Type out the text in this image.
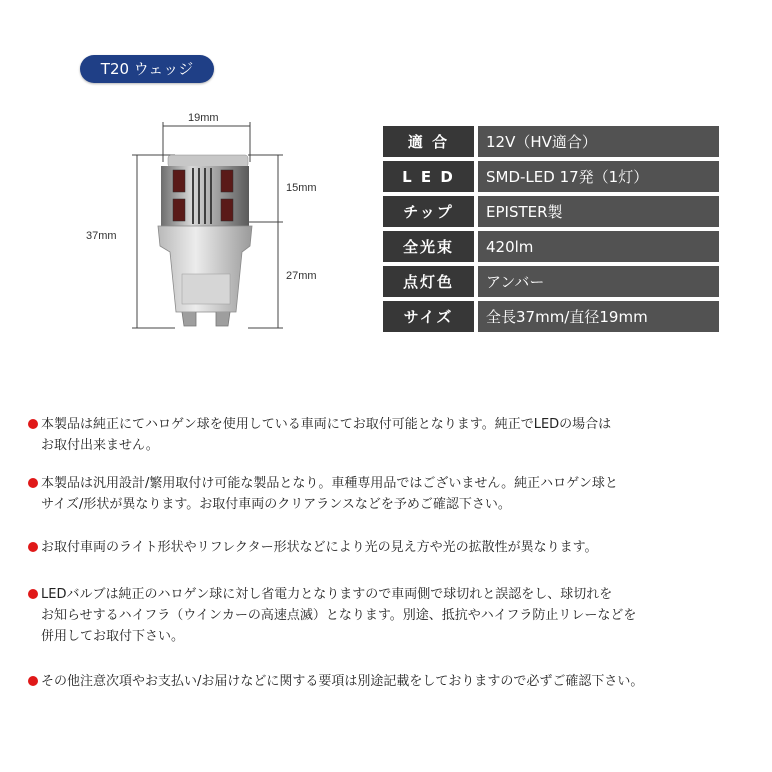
T20 ウェッジ
19mm
15mm
37mm
27mm
適 合	12V（HV適合）
L E D	SMD-LED 17発（1灯）
チップ	EPISTER製
全光束	420lm
点灯色	アンバー
サイズ	全長37mm/直径19mm
本製品は純正にてハロゲン球を使用している車両にてお取付可能となります。純正でLEDの場合は
お取付出来ません。
本製品は汎用設計/繁用取付け可能な製品となり。車種専用品ではございません。純正ハロゲン球と
サイズ/形状が異なります。お取付車両のクリアランスなどを予めご確認下さい。
お取付車両のライト形状やリフレクター形状などにより光の見え方や光の拡散性が異なります。
LEDバルブは純正のハロゲン球に対し省電力となりますので車両側で球切れと誤認をし、球切れを
お知らせするハイフラ（ウインカーの高速点滅）となります。別途、抵抗やハイフラ防止リレーなどを
併用してお取付下さい。
その他注意次項やお支払い/お届けなどに関する要項は別途記載をしておりますので必ずご確認下さい。
